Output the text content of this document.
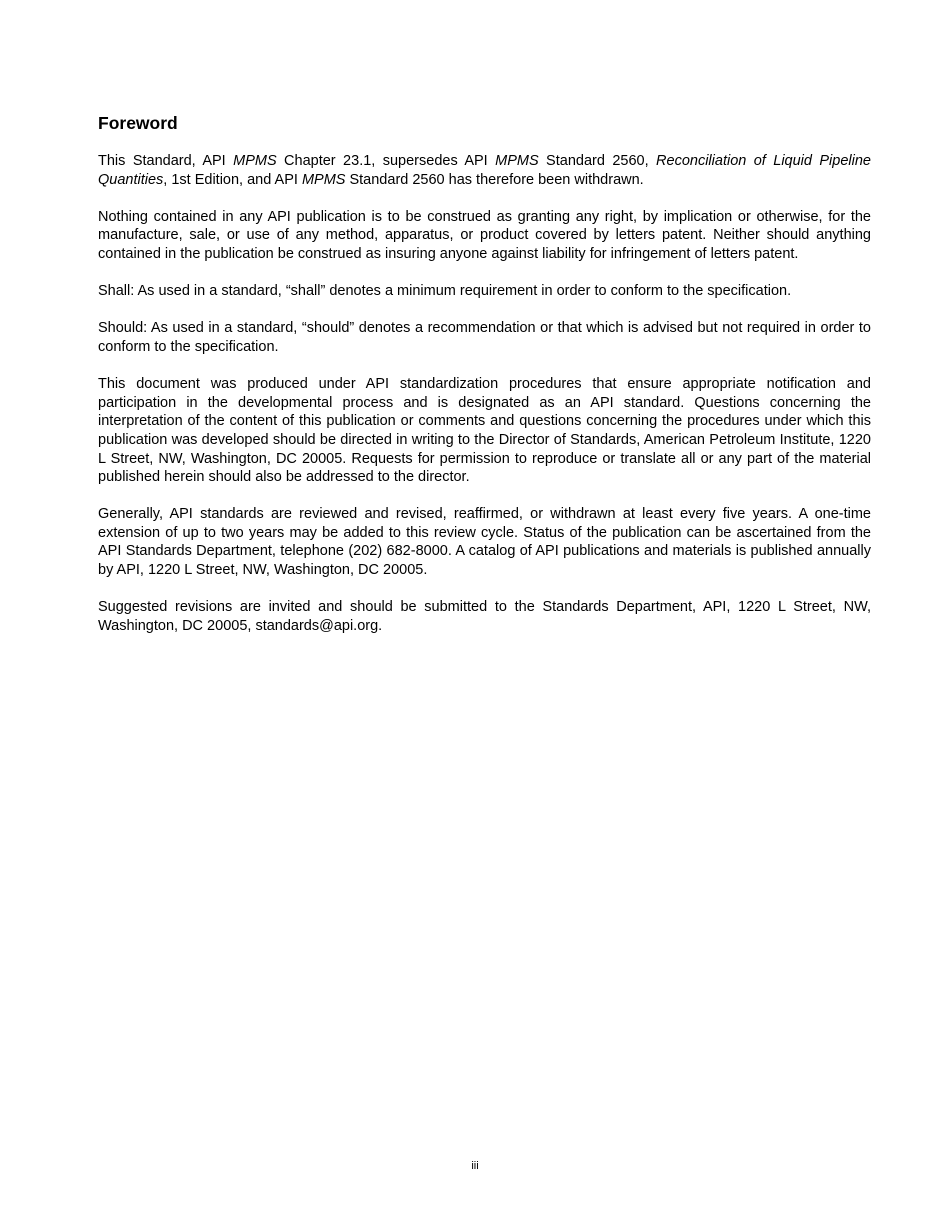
Foreword

This Standard, API MPMS Chapter 23.1, supersedes API MPMS Standard 2560, Reconciliation of Liquid Pipeline Quantities, 1st Edition, and API MPMS Standard 2560 has therefore been withdrawn.

Nothing contained in any API publication is to be construed as granting any right, by implication or otherwise, for the manufacture, sale, or use of any method, apparatus, or product covered by letters patent. Neither should anything contained in the publication be construed as insuring anyone against liability for infringement of letters patent.

Shall: As used in a standard, “shall” denotes a minimum requirement in order to conform to the specification.

Should: As used in a standard, “should” denotes a recommendation or that which is advised but not required in order to conform to the specification.

This document was produced under API standardization procedures that ensure appropriate notification and participation in the developmental process and is designated as an API standard. Questions concerning the interpretation of the content of this publication or comments and questions concerning the procedures under which this publication was developed should be directed in writing to the Director of Standards, American Petroleum Institute, 1220 L Street, NW, Washington, DC 20005. Requests for permission to reproduce or translate all or any part of the material published herein should also be addressed to the director.

Generally, API standards are reviewed and revised, reaffirmed, or withdrawn at least every five years. A one-time extension of up to two years may be added to this review cycle. Status of the publication can be ascertained from the API Standards Department, telephone (202) 682-8000. A catalog of API publications and materials is published annually by API, 1220 L Street, NW, Washington, DC 20005.

Suggested revisions are invited and should be submitted to the Standards Department, API, 1220 L Street, NW, Washington, DC 20005, standards@api.org.

iii
